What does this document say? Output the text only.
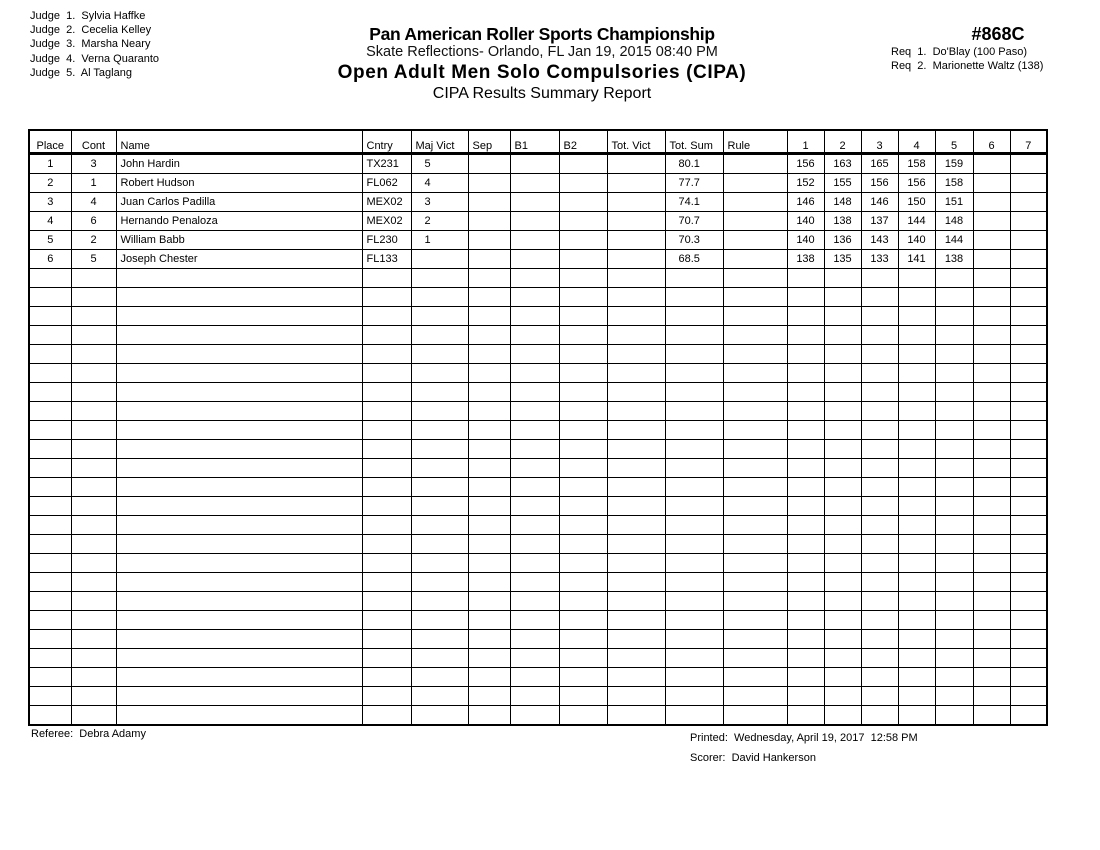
Judge  1.  Sylvia Haffke
Judge  2.  Cecelia Kelley
Judge  3.  Marsha Neary
Judge  4.  Verna Quaranto
Judge  5.  Al Taglang
Pan American Roller Sports Championship
Skate Reflections- Orlando, FL Jan 19, 2015 08:40 PM
Open Adult Men Solo Compulsories (CIPA)
CIPA Results Summary Report
#868C
Req  1.  Do'Blay (100 Paso)
Req  2.  Marionette Waltz (138)
Place	Cont	Name	Cntry	Maj Vict	Sep	B1	B2	Tot. Vict	Tot. Sum	Rule	1	2	3	4	5	6	7
1	3	John Hardin	TX231	5					80.1		156	163	165	158	159		
2	1	Robert Hudson	FL062	4					77.7		152	155	156	156	158		
3	4	Juan Carlos Padilla	MEX02	3					74.1		146	148	146	150	151		
4	6	Hernando Penaloza	MEX02	2					70.7		140	138	137	144	148		
5	2	William Babb	FL230	1					70.3		140	136	143	140	144		
6	5	Joseph Chester	FL133						68.5		138	135	133	141	138		

Referee:  Debra Adamy	Printed:  Wednesday, April 19, 2017  12:58 PM
Scorer:  David Hankerson
